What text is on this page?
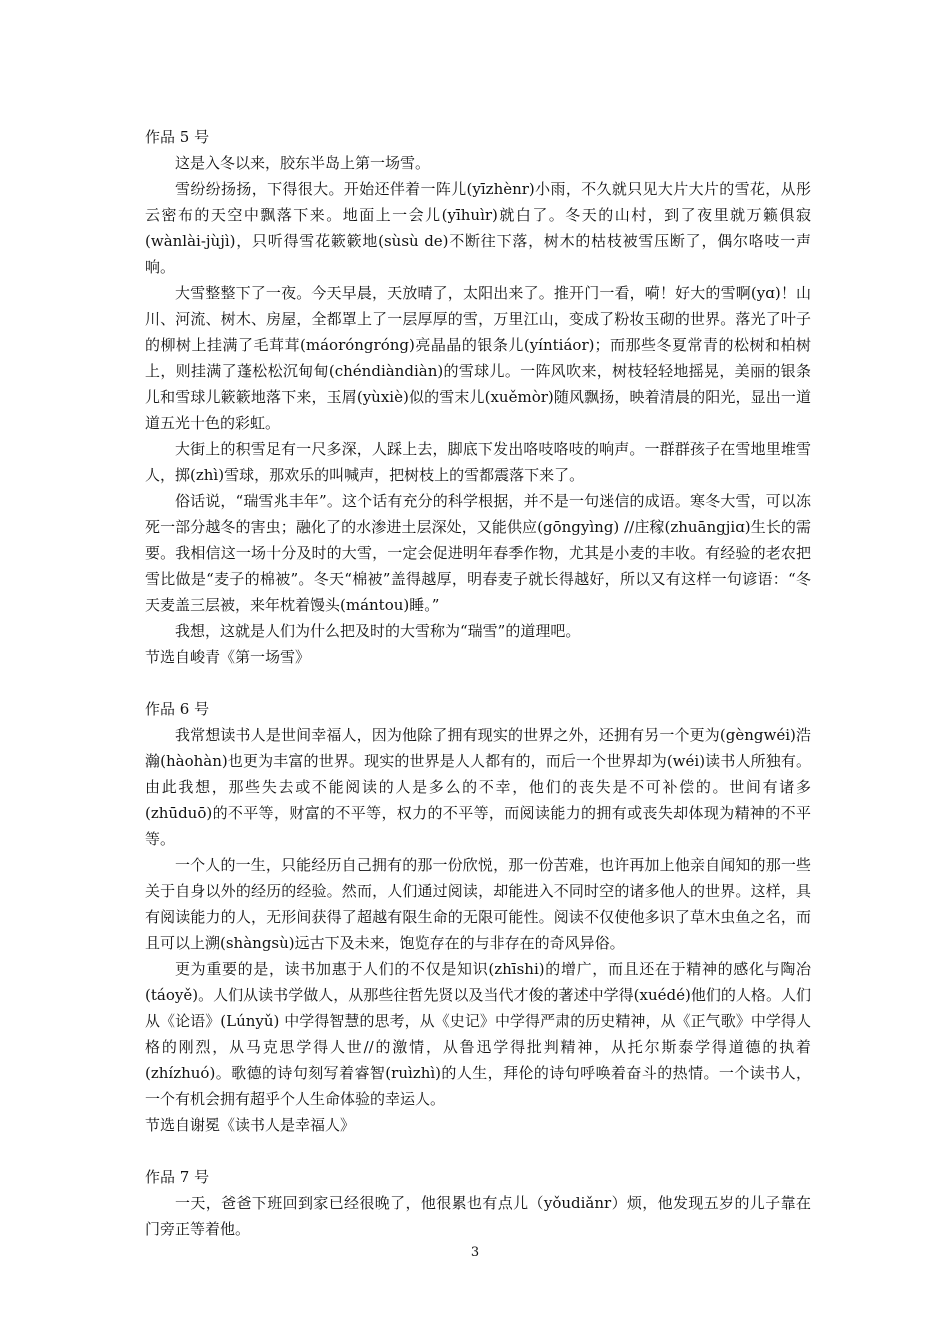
作品 5 号

这是入冬以来，胶东半岛上第一场雪。

雪纷纷扬扬，下得很大。开始还伴着一阵儿(yīzhènr)小雨，不久就只见大片大片的雪花，从彤云密布的天空中飘落下来。地面上一会儿(yīhuìr)就白了。冬天的山村，到了夜里就万籁俱寂(wànlài-jùjì)，只听得雪花簌簌地(sùsù de)不断往下落，树木的枯枝被雪压断了，偶尔咯吱一声响。

大雪整整下了一夜。今天早晨，天放晴了，太阳出来了。推开门一看，嗬！好大的雪啊(yɑ)！山川、河流、树木、房屋，全都罩上了一层厚厚的雪，万里江山，变成了粉妆玉砌的世界。落光了叶子的柳树上挂满了毛茸茸(máoróngróng)亮晶晶的银条儿(yíntiáor)；而那些冬夏常青的松树和柏树上，则挂满了蓬松松沉甸甸(chéndiàndiàn)的雪球儿。一阵风吹来，树枝轻轻地摇晃，美丽的银条儿和雪球儿簌簌地落下来，玉屑(yùxiè)似的雪末儿(xuěmòr)随风飘扬，映着清晨的阳光，显出一道道五光十色的彩虹。

大街上的积雪足有一尺多深，人踩上去，脚底下发出咯吱咯吱的响声。一群群孩子在雪地里堆雪人，掷(zhì)雪球，那欢乐的叫喊声，把树枝上的雪都震落下来了。

俗话说，“瑞雪兆丰年”。这个话有充分的科学根据，并不是一句迷信的成语。寒冬大雪，可以冻死一部分越冬的害虫；融化了的水渗进土层深处，又能供应(gōngyìng) //庄稼(zhuāngjiɑ)生长的需要。我相信这一场十分及时的大雪，一定会促进明年春季作物，尤其是小麦的丰收。有经验的老农把雪比做是“麦子的棉被”。冬天“棉被”盖得越厚，明春麦子就长得越好，所以又有这样一句谚语：“冬天麦盖三层被，来年枕着馒头(mántou)睡。”

我想，这就是人们为什么把及时的大雪称为“瑞雪”的道理吧。

节选自峻青《第一场雪》

作品 6 号

我常想读书人是世间幸福人，因为他除了拥有现实的世界之外，还拥有另一个更为(gèngwéi)浩瀚(hàohàn)也更为丰富的世界。现实的世界是人人都有的，而后一个世界却为(wéi)读书人所独有。由此我想，那些失去或不能阅读的人是多么的不幸，他们的丧失是不可补偿的。世间有诸多(zhūduō)的不平等，财富的不平等，权力的不平等，而阅读能力的拥有或丧失却体现为精神的不平等。

一个人的一生，只能经历自己拥有的那一份欣悦，那一份苦难，也许再加上他亲自闻知的那一些关于自身以外的经历的经验。然而，人们通过阅读，却能进入不同时空的诸多他人的世界。这样，具有阅读能力的人，无形间获得了超越有限生命的无限可能性。阅读不仅使他多识了草木虫鱼之名，而且可以上溯(shàngsù)远古下及未来，饱览存在的与非存在的奇风异俗。

更为重要的是，读书加惠于人们的不仅是知识(zhīshi)的增广，而且还在于精神的感化与陶冶(táoyě)。人们从读书学做人，从那些往哲先贤以及当代才俊的著述中学得(xuédé)他们的人格。人们从《论语》(Lúnyǔ) 中学得智慧的思考，从《史记》中学得严肃的历史精神，从《正气歌》中学得人格的刚烈，从马克思学得人世//的激情，从鲁迅学得批判精神，从托尔斯泰学得道德的执着(zhízhuó)。歌德的诗句刻写着睿智(ruìzhì)的人生，拜伦的诗句呼唤着奋斗的热情。一个读书人，一个有机会拥有超乎个人生命体验的幸运人。

节选自谢冕《读书人是幸福人》

作品 7 号

一天，爸爸下班回到家已经很晚了，他很累也有点儿（yǒudiǎnr）烦，他发现五岁的儿子靠在门旁正等着他。

3
